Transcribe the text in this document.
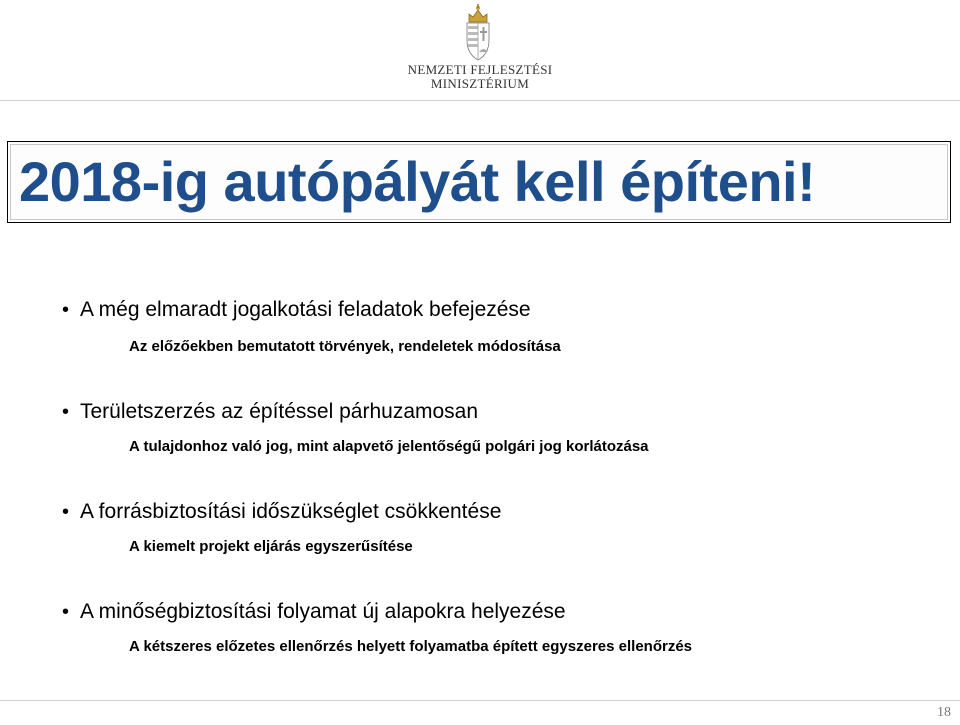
NEMZETI FEJLESZTÉSI
MINISZTÉRIUM
2018-ig autópályát kell építeni!
• A még elmaradt jogalkotási feladatok befejezése
Az előzőekben bemutatott törvények, rendeletek módosítása
• Területszerzés az építéssel párhuzamosan
A tulajdonhoz való jog, mint alapvető jelentőségű polgári jog korlátozása
• A forrásbiztosítási időszükséglet csökkentése
A kiemelt projekt eljárás egyszerűsítése
• A minőségbiztosítási folyamat új alapokra helyezése
A kétszeres előzetes ellenőrzés helyett folyamatba épített egyszeres ellenőrzés
18
